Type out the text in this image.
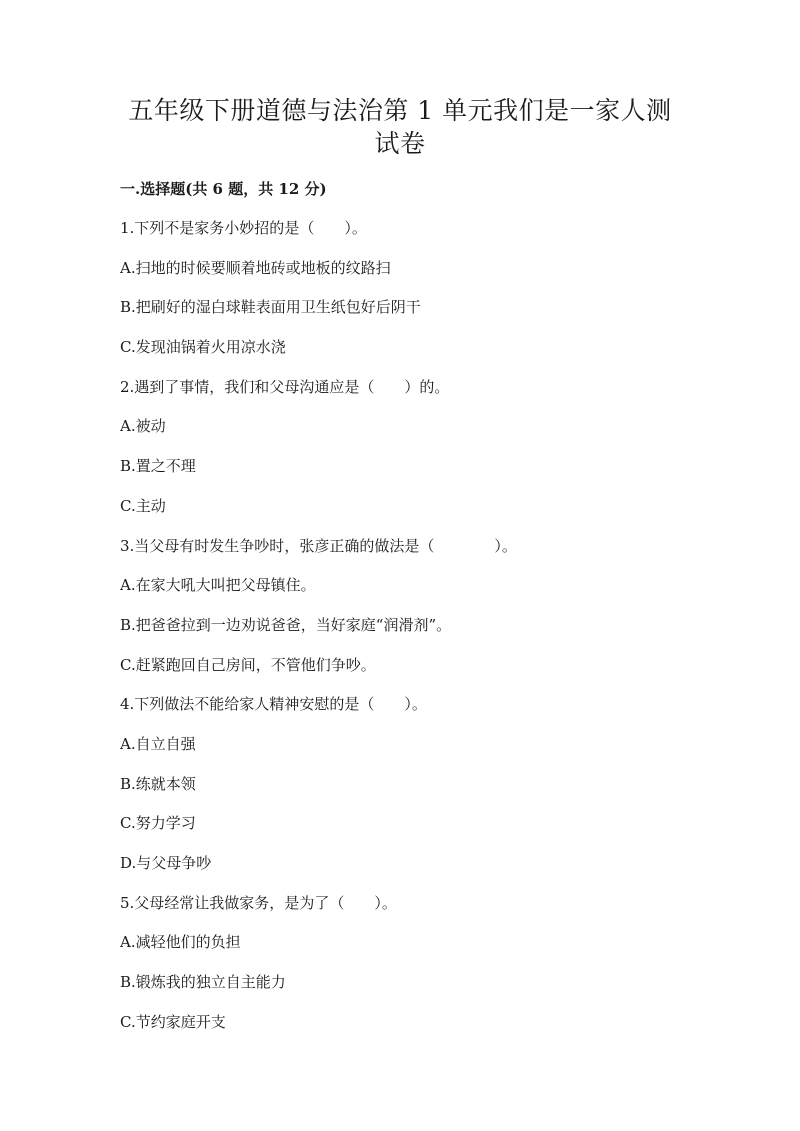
五年级下册道德与法治第 1 单元我们是一家人测试卷
一.选择题(共 6 题，共 12 分)
1.下列不是家务小妙招的是（　　）。
A.扫地的时候要顺着地砖或地板的纹路扫
B.把刷好的湿白球鞋表面用卫生纸包好后阴干
C.发现油锅着火用凉水浇
2.遇到了事情，我们和父母沟通应是（　　）的。
A.被动
B.置之不理
C.主动
3.当父母有时发生争吵时，张彦正确的做法是（　　　　）。
A.在家大吼大叫把父母镇住。
B.把爸爸拉到一边劝说爸爸，当好家庭“润滑剂”。
C.赶紧跑回自己房间，不管他们争吵。
4.下列做法不能给家人精神安慰的是（　　）。
A.自立自强
B.练就本领
C.努力学习
D.与父母争吵
5.父母经常让我做家务，是为了（　　）。
A.减轻他们的负担
B.锻炼我的独立自主能力
C.节约家庭开支
